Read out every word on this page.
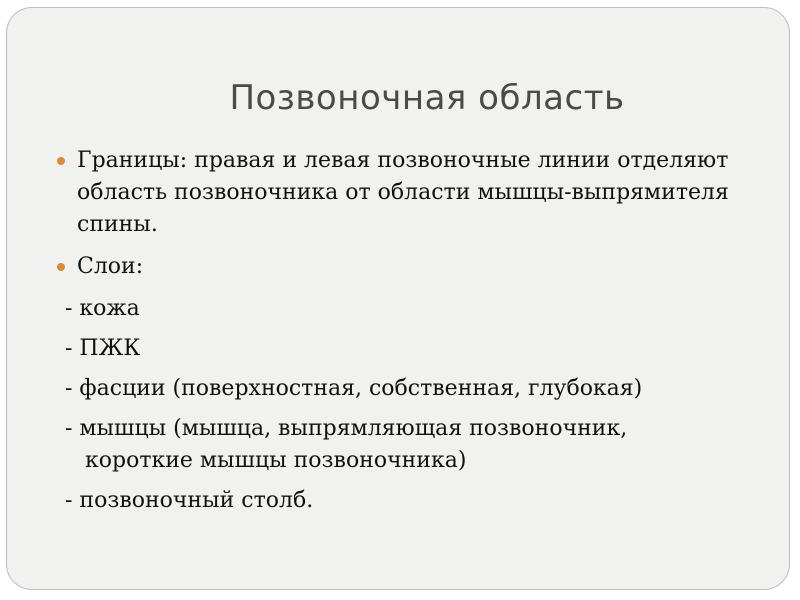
Позвоночная область
Границы: правая и левая позвоночные линии отделяют область позвоночника от области мышцы-выпрямителя спины.
Слои:
- кожа
- ПЖК
- фасции (поверхностная, собственная, глубокая)
- мышцы (мышца, выпрямляющая позвоночник, короткие мышцы позвоночника)
- позвоночный столб.
